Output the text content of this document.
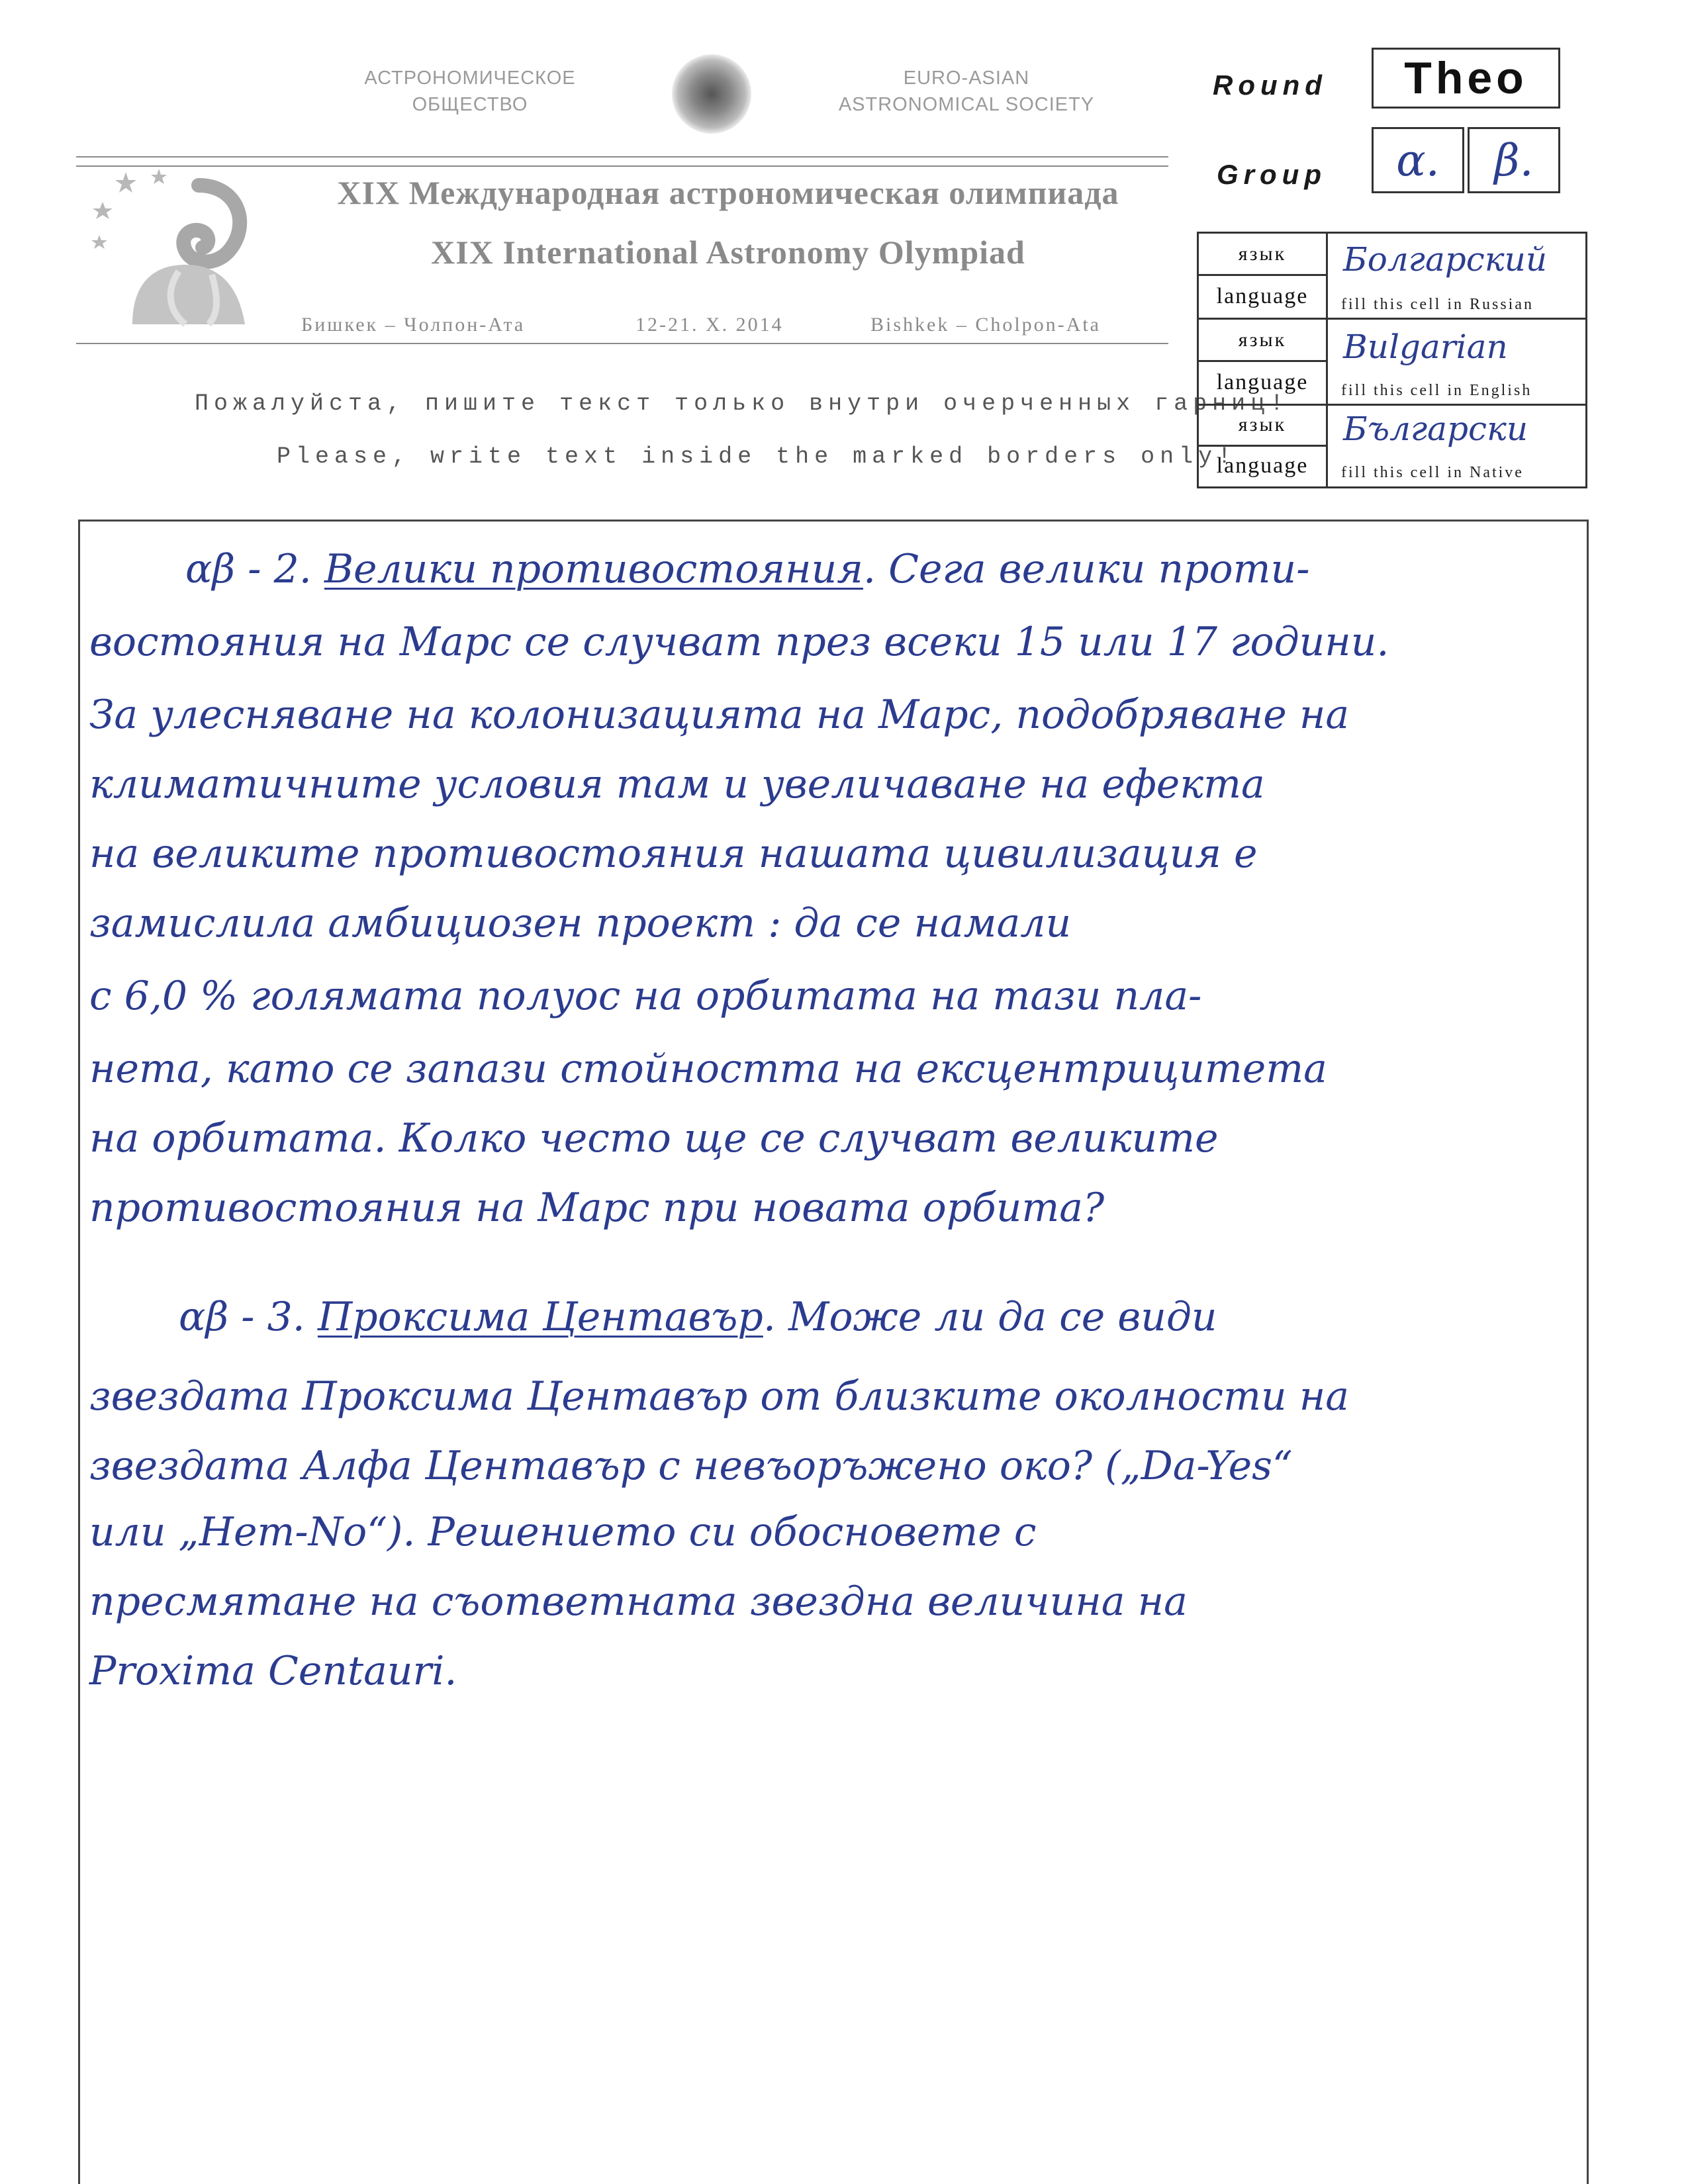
АСТРОНОМИЧЕСКОЕ
ОБЩЕСТВО
EURO-ASIAN
ASTRONOMICAL SOCIETY
XIX Международная астрономическая олимпиада
XIX International Astronomy Olympiad
Бишкек – Чолпон-Ата	12-21. X. 2014	Bishkek – Cholpon-Ata
Пожалуйста, пишите текст только внутри очерченных гарниц!
Please, write text inside the marked borders only!
Round Theo
Group α. β.
язык
language
Болгарский
fill this cell in Russian
язык
language
Bulgarian
fill this cell in English
язык
language
Български
fill this cell in Native
αβ - 2. Велики противостояния. Сега велики проти-
востояния на Марс се случват през всеки 15 или 17 години.
За улесняване на колонизацията на Марс, подобряване на
климатичните условия там и увеличаване на ефекта
на великите противостояния нашата цивилизация е
замислила амбициозен проект : да се намали
с 6,0 % голямата полуос на орбитата на тази пла-
нета, като се запази стойността на ексцентрицитета
на орбитата. Колко често ще се случват великите
противостояния на Марс при новата орбита?
αβ - 3. Проксима Центавър. Може ли да се види
звездата Проксима Центавър от близките околности на
звездата Алфа Центавър с невъоръжено око? („Da-Yes“
или „Нет-No“). Решението си обосновете с
пресмятане на съответната звездна величина на
Proxima Centauri.
